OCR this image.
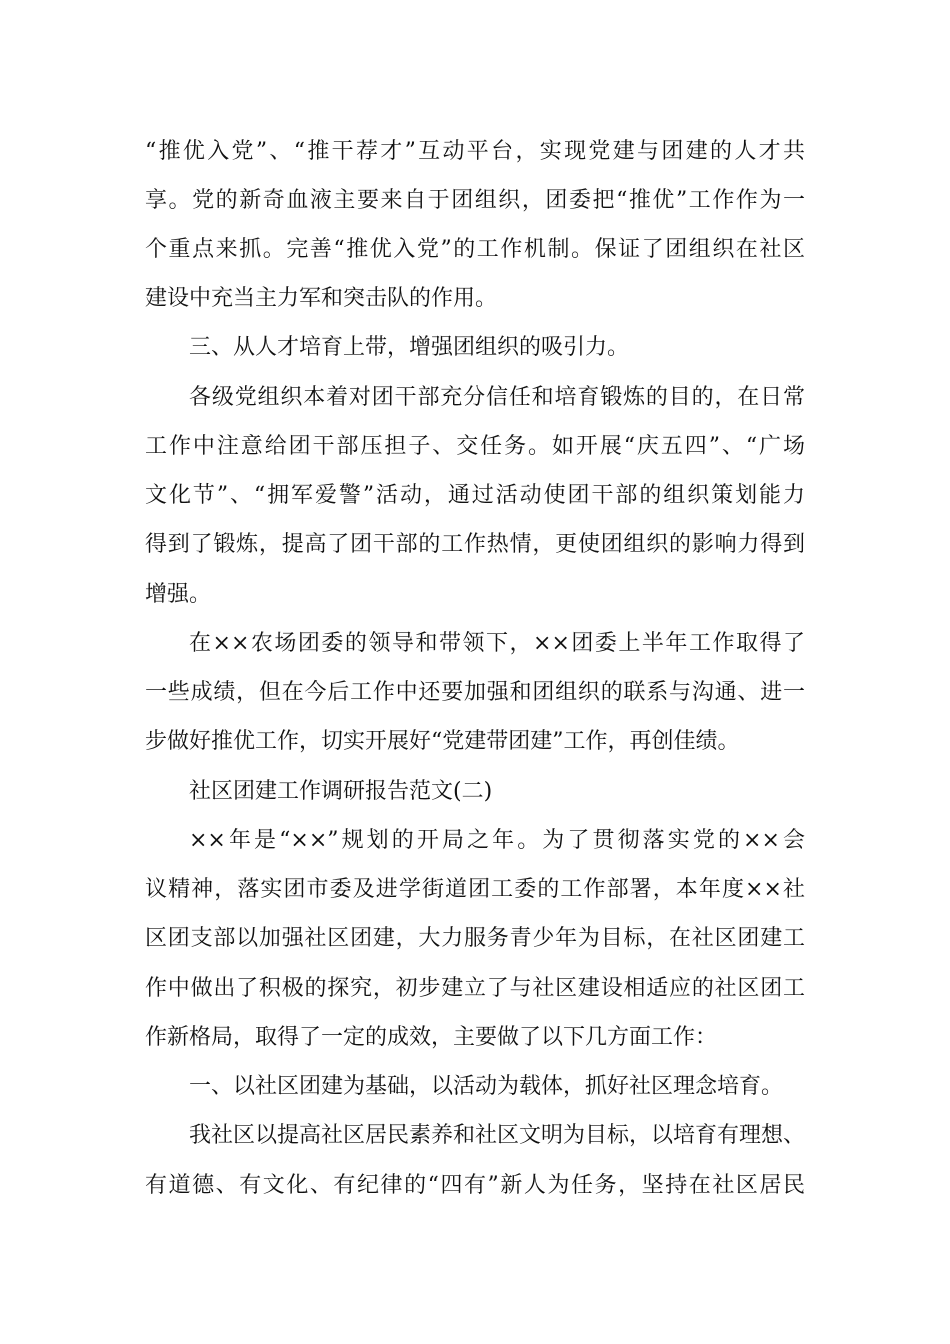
“推优入党”、“推干荐才”互动平台，实现党建与团建的人才共

享。党的新奇血液主要来自于团组织，团委把“推优”工作作为一

个重点来抓。完善“推优入党”的工作机制。保证了团组织在社区

建设中充当主力军和突击队的作用。

三、从人才培育上带，增强团组织的吸引力。

各级党组织本着对团干部充分信任和培育锻炼的目的，在日常

工作中注意给团干部压担子、交任务。如开展“庆五四”、“广场

文化节”、“拥军爱警”活动，通过活动使团干部的组织策划能力

得到了锻炼，提高了团干部的工作热情，更使团组织的影响力得到

增强。

在××农场团委的领导和带领下，××团委上半年工作取得了

一些成绩，但在今后工作中还要加强和团组织的联系与沟通、进一

步做好推优工作，切实开展好“党建带团建”工作，再创佳绩。

社区团建工作调研报告范文(二)

××年是“××”规划的开局之年。为了贯彻落实党的××会

议精神，落实团市委及进学街道团工委的工作部署，本年度××社

区团支部以加强社区团建，大力服务青少年为目标，在社区团建工

作中做出了积极的探究，初步建立了与社区建设相适应的社区团工

作新格局，取得了一定的成效，主要做了以下几方面工作：

一、以社区团建为基础，以活动为载体，抓好社区理念培育。

我社区以提高社区居民素养和社区文明为目标，以培育有理想、

有道德、有文化、有纪律的“四有”新人为任务，坚持在社区居民
